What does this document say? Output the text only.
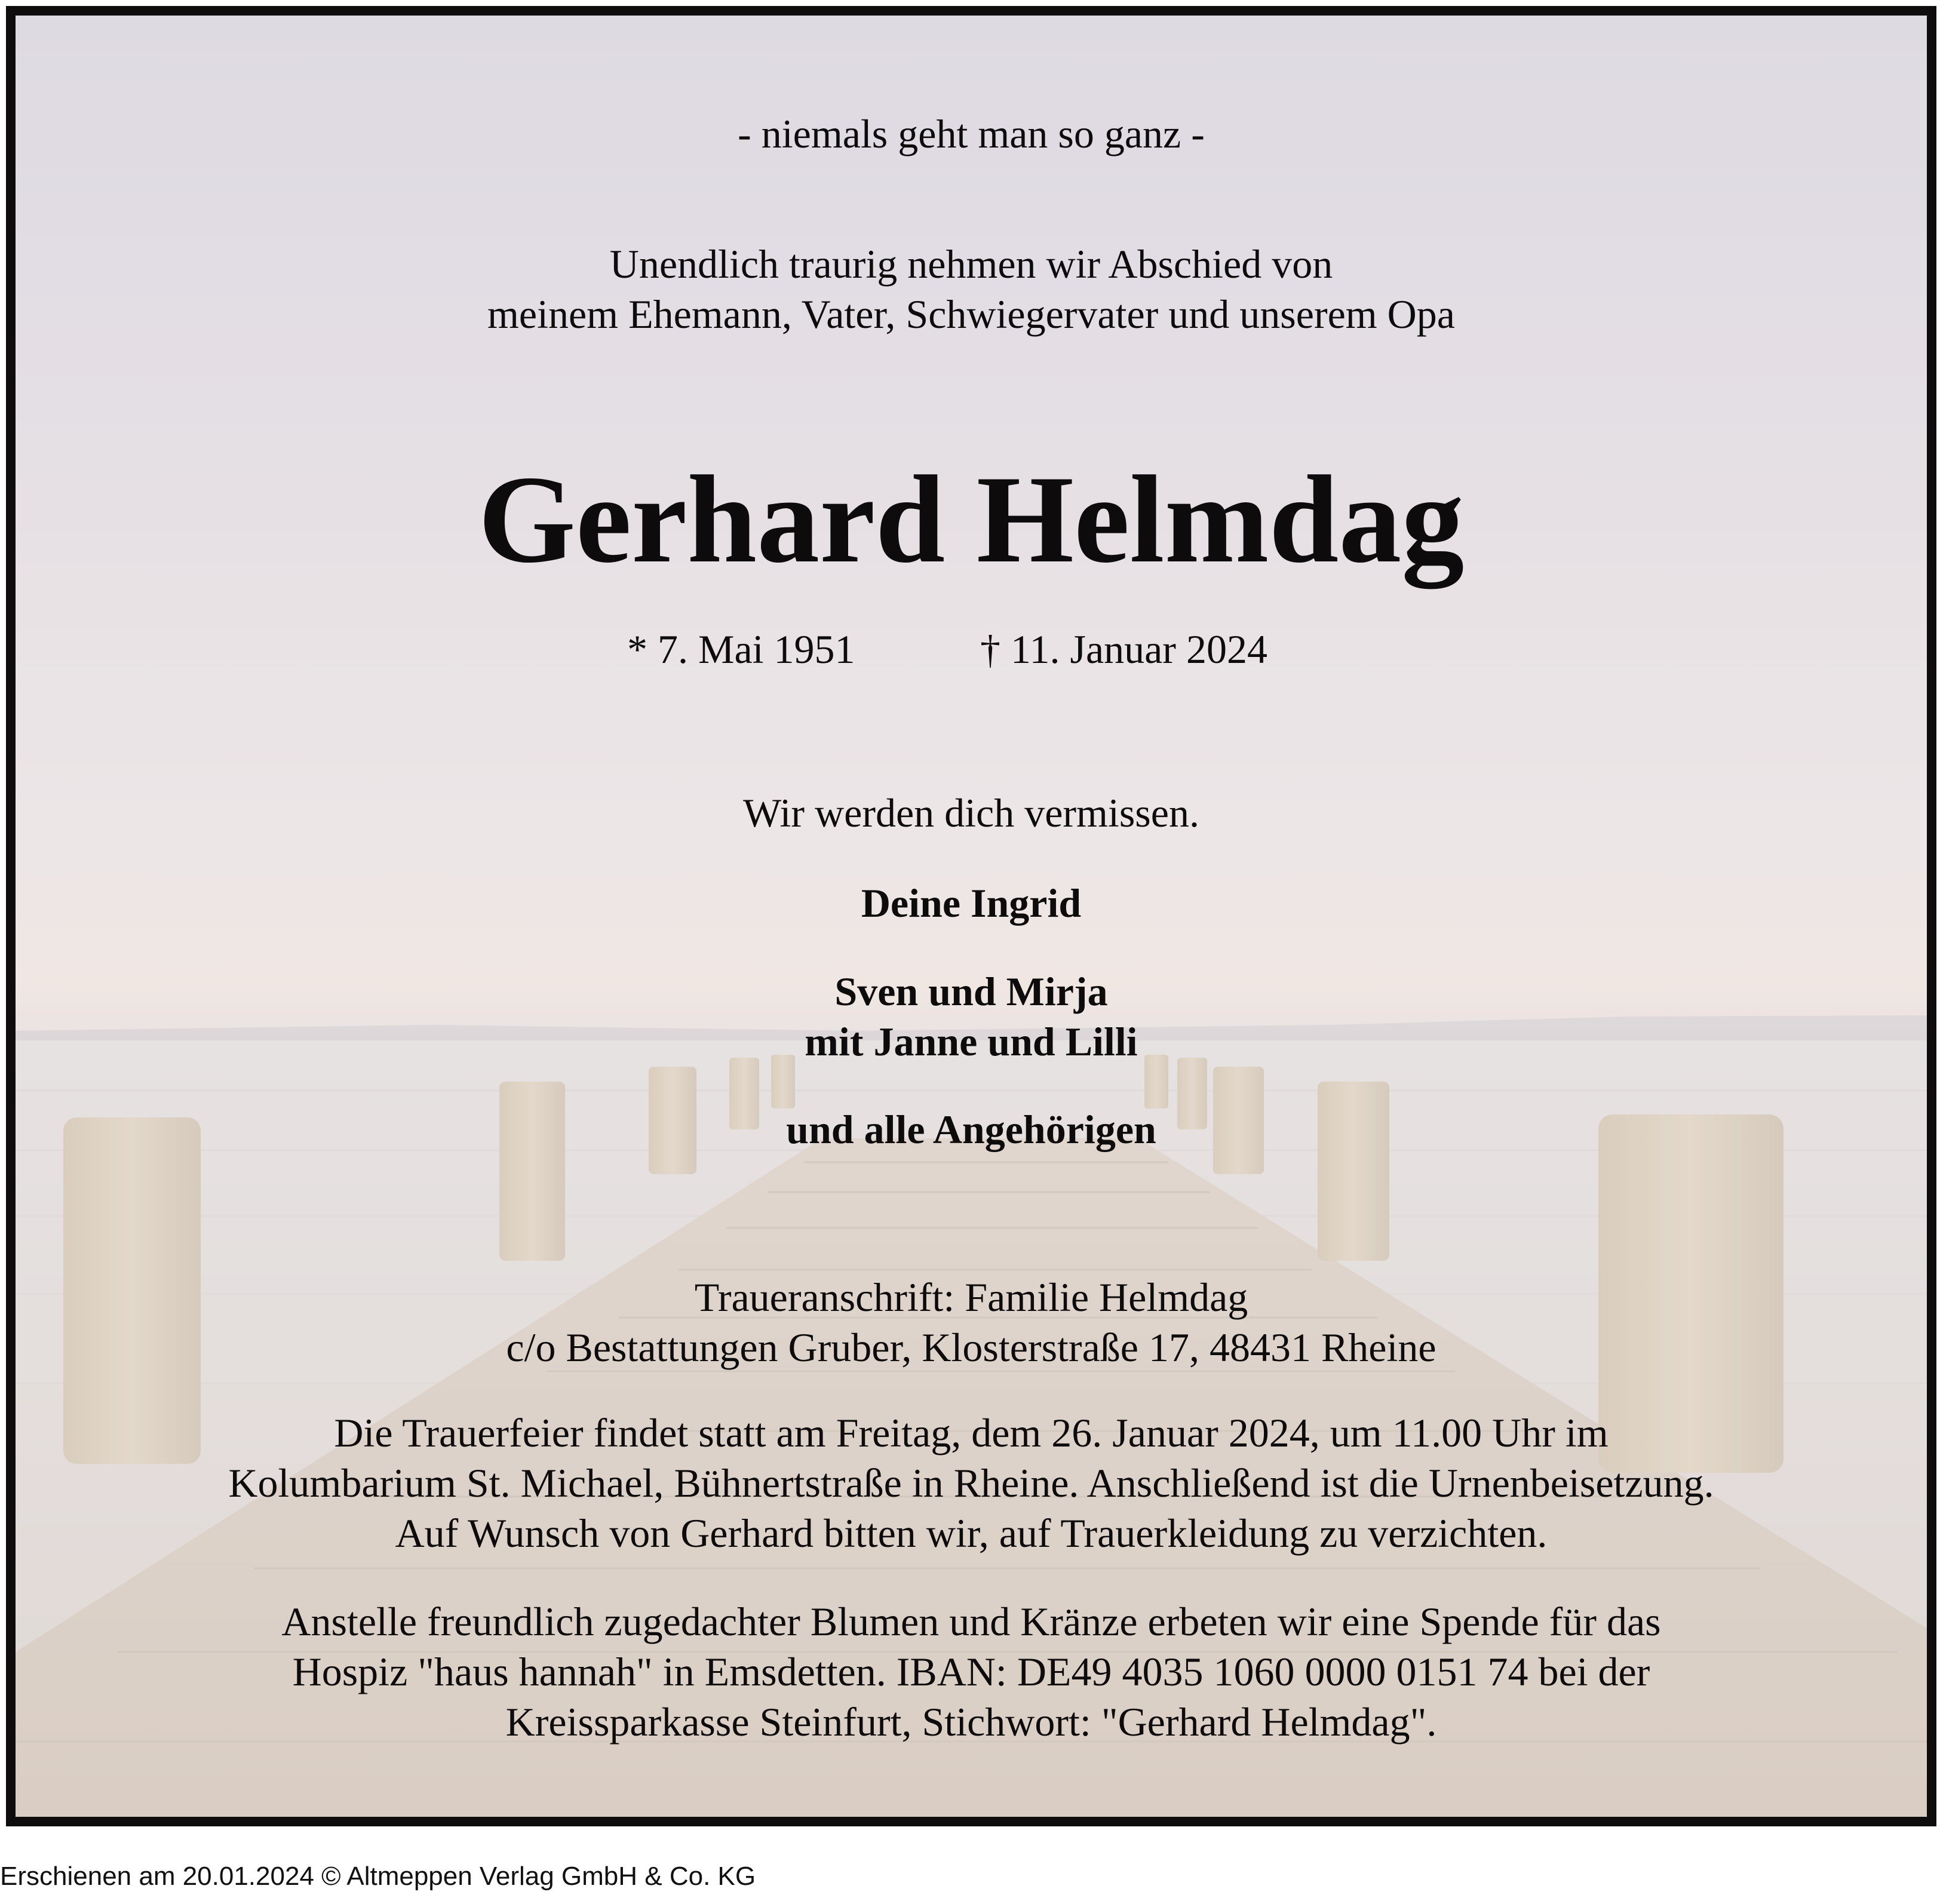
- niemals geht man so ganz -
Unendlich traurig nehmen wir Abschied von
meinem Ehemann, Vater, Schwiegervater und unserem Opa
Gerhard Helmdag
* 7. Mai 1951	† 11. Januar 2024
Wir werden dich vermissen.
Deine Ingrid
Sven und Mirja
mit Janne und Lilli
und alle Angehörigen
Traueranschrift: Familie Helmdag
c/o Bestattungen Gruber, Klosterstraße 17, 48431 Rheine
Die Trauerfeier findet statt am Freitag, dem 26. Januar 2024, um 11.00 Uhr im
Kolumbarium St. Michael, Bühnertstraße in Rheine. Anschließend ist die Urnenbeisetzung.
Auf Wunsch von Gerhard bitten wir, auf Trauerkleidung zu verzichten.
Anstelle freundlich zugedachter Blumen und Kränze erbeten wir eine Spende für das
Hospiz "haus hannah" in Emsdetten. IBAN: DE49 4035 1060 0000 0151 74 bei der
Kreissparkasse Steinfurt, Stichwort: "Gerhard Helmdag".
Erschienen am 20.01.2024 © Altmeppen Verlag GmbH & Co. KG
